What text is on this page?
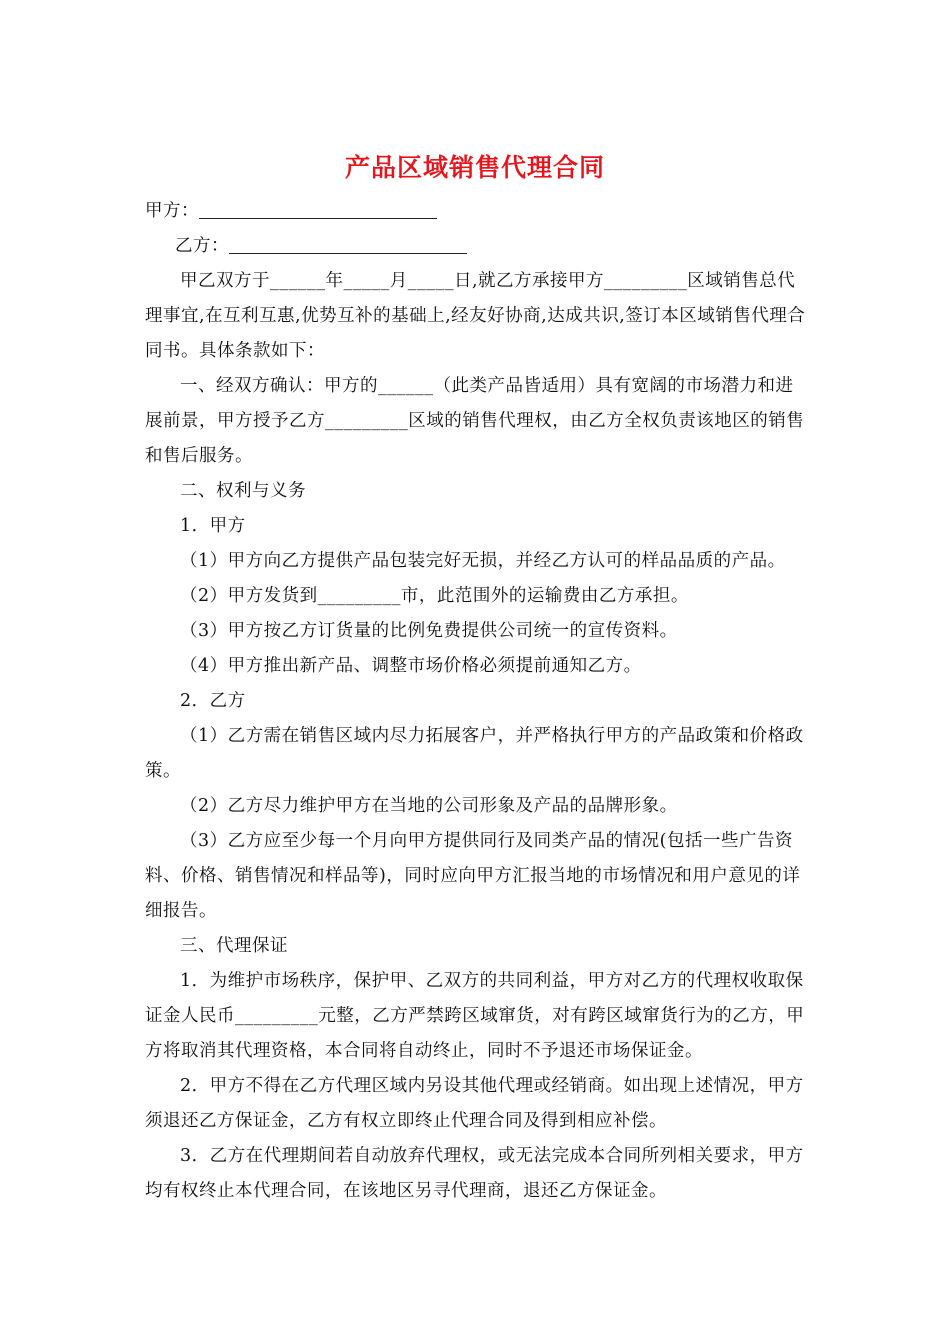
产品区域销售代理合同

甲方：

乙方：

甲乙双方于______年_____月_____日,就乙方承接甲方_________区域销售总代理事宜,在互利互惠,优势互补的基础上,经友好协商,达成共识,签订本区域销售代理合同书。具体条款如下：

一、经双方确认：甲方的______（此类产品皆适用）具有宽阔的市场潜力和进展前景，甲方授予乙方_________区域的销售代理权，由乙方全权负责该地区的销售和售后服务。

二、权利与义务

1．甲方

（1）甲方向乙方提供产品包装完好无损，并经乙方认可的样品品质的产品。

（2）甲方发货到_________市，此范围外的运输费由乙方承担。

（3）甲方按乙方订货量的比例免费提供公司统一的宣传资料。

（4）甲方推出新产品、调整市场价格必须提前通知乙方。

2．乙方

（1）乙方需在销售区域内尽力拓展客户，并严格执行甲方的产品政策和价格政策。

（2）乙方尽力维护甲方在当地的公司形象及产品的品牌形象。

（3）乙方应至少每一个月向甲方提供同行及同类产品的情况(包括一些广告资料、价格、销售情况和样品等)，同时应向甲方汇报当地的市场情况和用户意见的详细报告。

三、代理保证

1．为维护市场秩序，保护甲、乙双方的共同利益，甲方对乙方的代理权收取保证金人民币_________元整，乙方严禁跨区域窜货，对有跨区域窜货行为的乙方，甲方将取消其代理资格，本合同将自动终止，同时不予退还市场保证金。

2．甲方不得在乙方代理区域内另设其他代理或经销商。如出现上述情况，甲方须退还乙方保证金，乙方有权立即终止代理合同及得到相应补偿。

3．乙方在代理期间若自动放弃代理权，或无法完成本合同所列相关要求，甲方均有权终止本代理合同，在该地区另寻代理商，退还乙方保证金。
